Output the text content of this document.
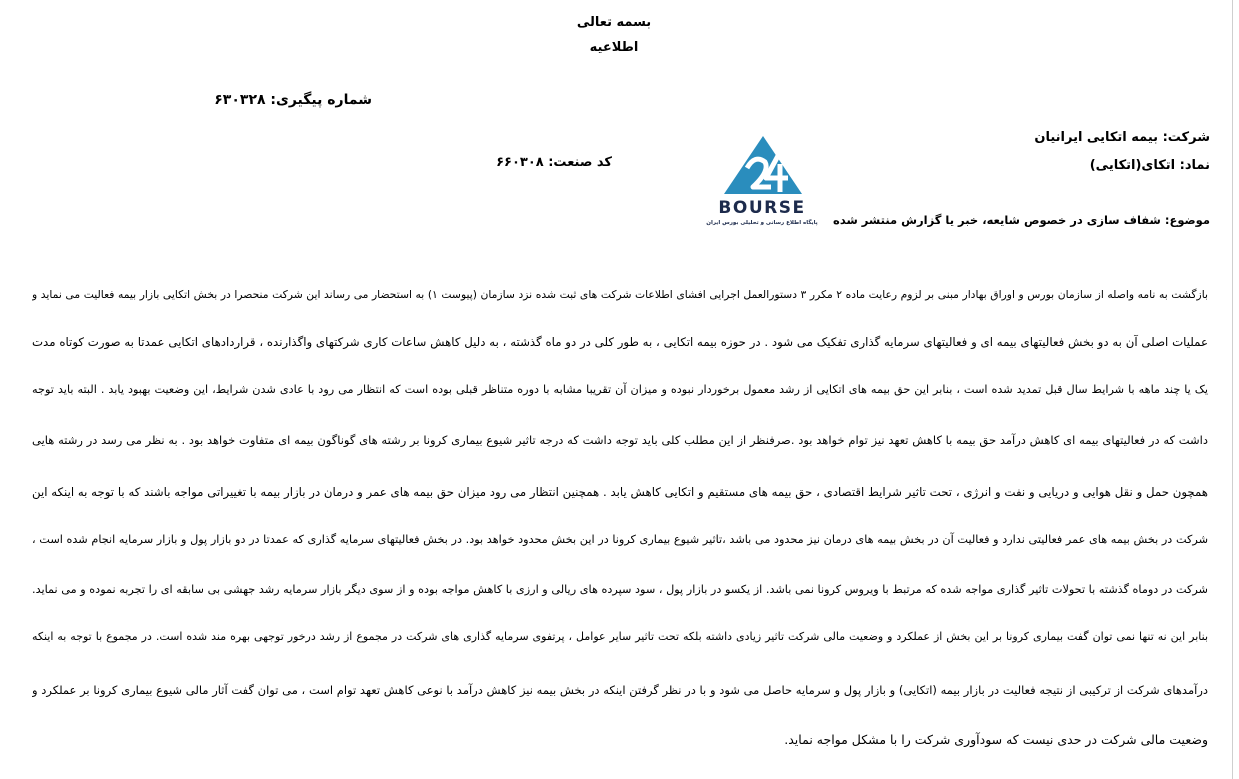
بسمه تعالی
اطلاعیه
شماره پیگیری: ۶۳۰۳۲۸
شرکت: بیمه اتکایی ایرانیان
نماد: اتکای(اتکایی)
کد صنعت: ۶۶۰۳۰۸
موضوع: شفاف سازی در خصوص شایعه، خبر یا گزارش منتشر شده
BOURSE
پایگاه اطلاع رسانی و تحلیلی بورس ایران
بازگشت به نامه واصله از سازمان بورس و اوراق بهادار مبنی بر لزوم رعایت ماده ۲ مکرر ۳ دستورالعمل اجرایی افشای اطلاعات شرکت های ثبت شده نزد سازمان (پیوست ۱) به استحضار می رساند این شرکت منحصرا در بخش اتکایی بازار بیمه فعالیت می نماید و
عملیات اصلی آن به دو بخش فعالیتهای بیمه ای و فعالیتهای سرمایه گذاری تفکیک می شود . در حوزه بیمه اتکایی ، به طور کلی در دو ماه گذشته ، به دلیل کاهش ساعات کاری شرکتهای واگذارنده ، قراردادهای اتکایی عمدتا به صورت کوتاه مدت
یک یا چند ماهه با شرایط سال قبل تمدید شده است ، بنابر این حق بیمه های اتکایی از رشد معمول برخوردار نبوده و میزان آن تقریبا مشابه با دوره متناظر قبلی بوده است که انتظار می رود با عادی شدن شرایط، این وضعیت بهبود یابد . البته باید توجه
داشت که در فعالیتهای بیمه ای کاهش درآمد حق بیمه با کاهش تعهد نیز توام خواهد بود .صرفنظر از این مطلب کلی باید توجه داشت که درجه تاثیر شیوع بیماری کرونا بر رشته های گوناگون بیمه ای متفاوت خواهد بود . به نظر می رسد در رشته هایی
همچون حمل و نقل هوایی و دریایی و نفت و انرژی ، تحت تاثیر شرایط اقتصادی ، حق بیمه های مستقیم و اتکایی کاهش یابد . همچنین انتظار می رود میزان حق بیمه های عمر و درمان در بازار بیمه با تغییراتی مواجه باشند که با توجه به اینکه این
شرکت در بخش بیمه های عمر فعالیتی ندارد و فعالیت آن در بخش بیمه های درمان نیز محدود می باشد ،تاثیر شیوع بیماری کرونا در این بخش محدود خواهد بود. در بخش فعالیتهای سرمایه گذاری که عمدتا در دو بازار پول و بازار سرمایه انجام شده است ،
شرکت در دوماه گذشته با تحولات تاثیر گذاری مواجه شده که مرتبط با ویروس کرونا نمی باشد. از یکسو در بازار پول ، سود سپرده های ریالی و ارزی با کاهش مواجه بوده و از سوی دیگر بازار سرمایه رشد جهشی بی سابقه ای را تجربه نموده و می نماید.
بنابر این نه تنها نمی توان گفت بیماری کرونا بر این بخش از عملکرد و وضعیت مالی شرکت تاثیر زیادی داشته بلکه تحت تاثیر سایر عوامل ، پرتفوی سرمایه گذاری های شرکت در مجموع از رشد درخور توجهی بهره مند شده است. در مجموع با توجه به اینکه
درآمدهای شرکت از ترکیبی از نتیجه فعالیت در بازار بیمه (اتکایی) و بازار پول و سرمایه حاصل می شود و با در نظر گرفتن اینکه در بخش بیمه نیز کاهش درآمد با نوعی کاهش تعهد توام است ، می توان گفت آثار مالی شیوع بیماری کرونا بر عملکرد و
وضعیت مالی شرکت در حدی نیست که سودآوری شرکت را با مشکل مواجه نماید.
